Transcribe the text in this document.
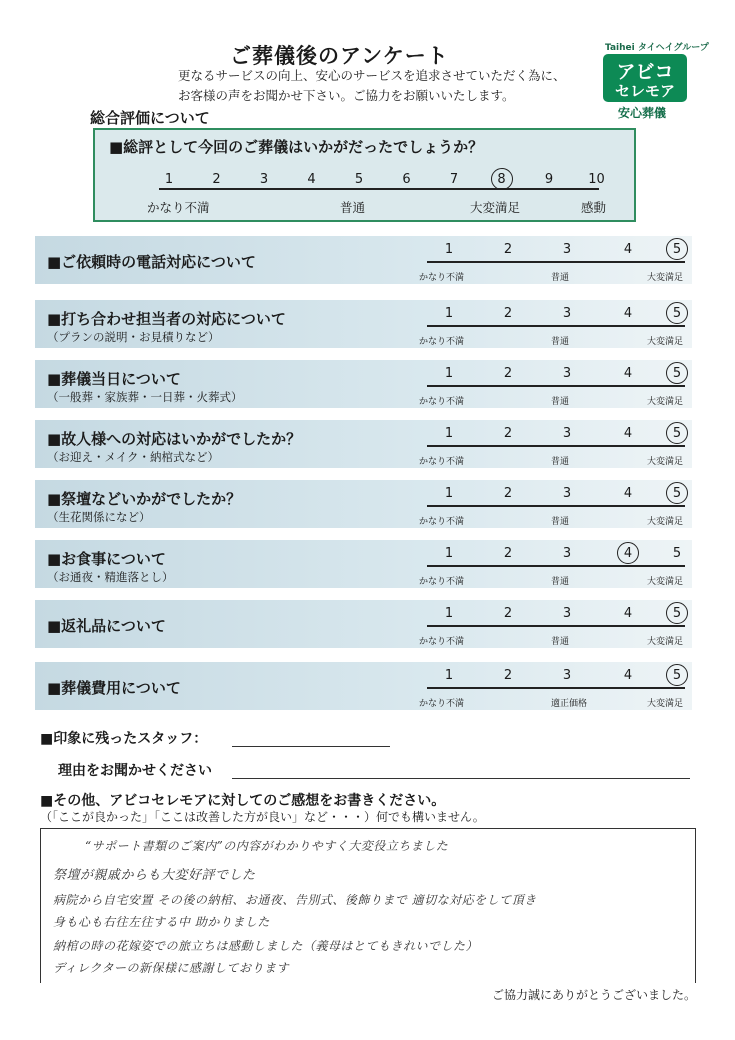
ご葬儀後のアンケート
更なるサービスの向上、安心のサービスを追求させていただく為に、
お客様の声をお聞かせ下さい。ご協力をお願いいたします。
Taihei タイヘイグループ
アビコ
セレモア
安心葬儀
総合評価について
■総評として今回のご葬儀はいかがだったでしょうか？
1	2	3	4	5	6	7	8	9	10
かなり不満	普通	大変満足	感動
■ご依頼時の電話対応について
1	2	3	4	5
かなり不満	普通	大変満足
■打ち合わせ担当者の対応について
（プランの説明・お見積りなど）
1	2	3	4	5
かなり不満	普通	大変満足
■葬儀当日について
（一般葬・家族葬・一日葬・火葬式）
1	2	3	4	5
かなり不満	普通	大変満足
■故人様への対応はいかがでしたか？
（お迎え・メイク・納棺式など）
1	2	3	4	5
かなり不満	普通	大変満足
■祭壇などいかがでしたか？
（生花関係になど）
1	2	3	4	5
かなり不満	普通	大変満足
■お食事について
（お通夜・精進落とし）
1	2	3	4	5
かなり不満	普通	大変満足
■返礼品について
1	2	3	4	5
かなり不満	普通	大変満足
■葬儀費用について
1	2	3	4	5
かなり不満	適正価格	大変満足
■印象に残ったスタッフ：
理由をお聞かせください
■その他、アビコセレモアに対してのご感想をお書きください。
（「ここが良かった」「ここは改善した方が良い」など・・・）何でも構いません。
“サポート書類のご案内”の内容がわかりやすく大変役立ちました
祭壇が親戚からも大変好評でした
病院から自宅安置 その後の納棺、お通夜、告別式、後飾りまで 適切な対応をして頂き
身も心も右往左往する中 助かりました
納棺の時の花嫁姿での旅立ちは感動しました（義母はとてもきれいでした）
ディレクターの新保様に感謝しております
ご協力誠にありがとうございました。
